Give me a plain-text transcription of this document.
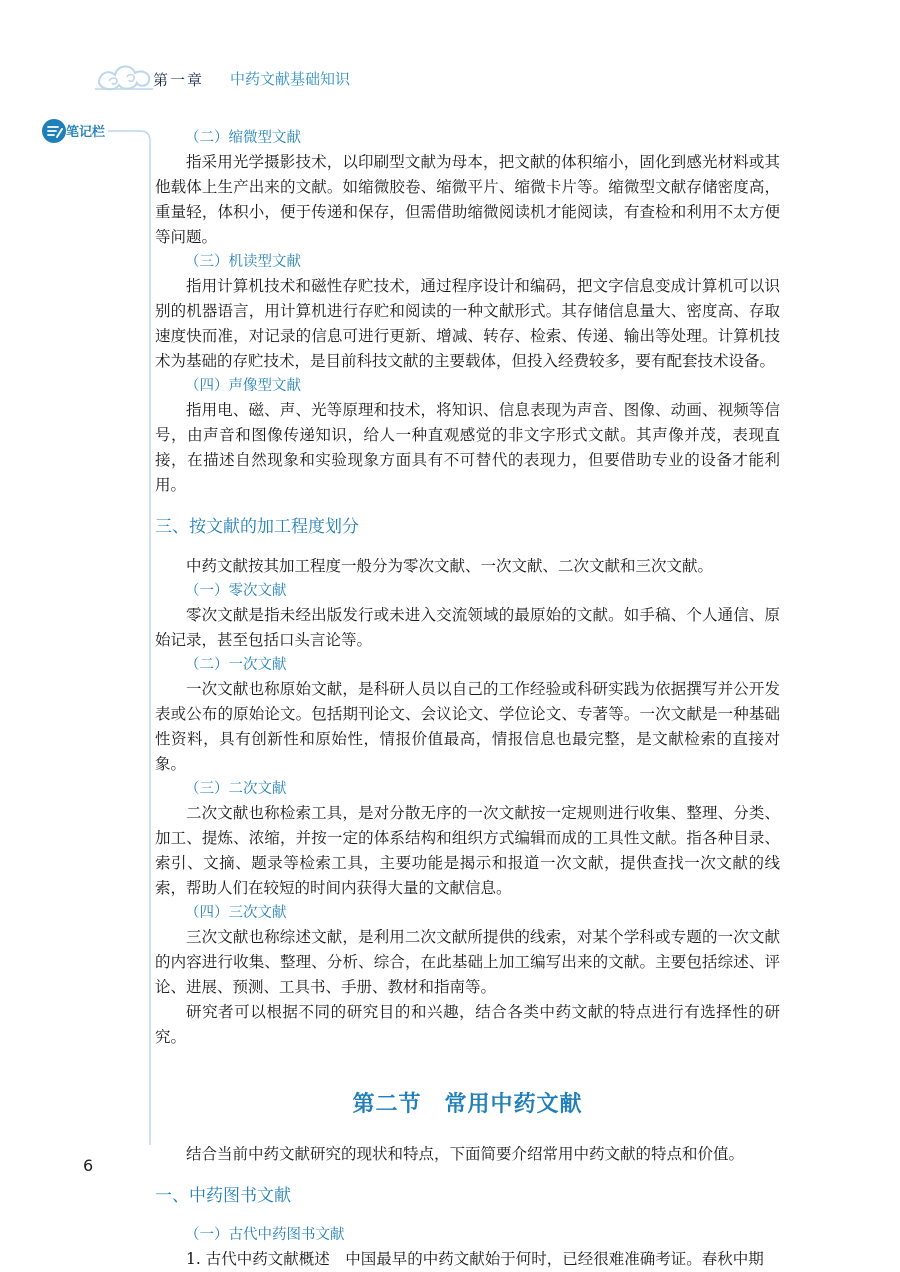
第一章 中药文献基础知识
笔记栏	（二）缩微型文献

指采用光学摄影技术，以印刷型文献为母本，把文献的体积缩小，固化到感光材料或其他载体上生产出来的文献。如缩微胶卷、缩微平片、缩微卡片等。缩微型文献存储密度高，重量轻，体积小，便于传递和保存，但需借助缩微阅读机才能阅读，有查检和利用不太方便等问题。

（三）机读型文献

指用计算机技术和磁性存贮技术，通过程序设计和编码，把文字信息变成计算机可以识别的机器语言，用计算机进行存贮和阅读的一种文献形式。其存储信息量大、密度高、存取速度快而准，对记录的信息可进行更新、增减、转存、检索、传递、输出等处理。计算机技术为基础的存贮技术，是目前科技文献的主要载体，但投入经费较多，要有配套技术设备。

（四）声像型文献

指用电、磁、声、光等原理和技术，将知识、信息表现为声音、图像、动画、视频等信号，由声音和图像传递知识，给人一种直观感觉的非文字形式文献。其声像并茂，表现直接，在描述自然现象和实验现象方面具有不可替代的表现力，但要借助专业的设备才能利用。

三、按文献的加工程度划分

中药文献按其加工程度一般分为零次文献、一次文献、二次文献和三次文献。

（一）零次文献

零次文献是指未经出版发行或未进入交流领域的最原始的文献。如手稿、个人通信、原始记录，甚至包括口头言论等。

（二）一次文献

一次文献也称原始文献，是科研人员以自己的工作经验或科研实践为依据撰写并公开发表或公布的原始论文。包括期刊论文、会议论文、学位论文、专著等。一次文献是一种基础性资料，具有创新性和原始性，情报价值最高，情报信息也最完整，是文献检索的直接对象。

（三）二次文献

二次文献也称检索工具，是对分散无序的一次文献按一定规则进行收集、整理、分类、加工、提炼、浓缩，并按一定的体系结构和组织方式编辑而成的工具性文献。指各种目录、索引、文摘、题录等检索工具，主要功能是揭示和报道一次文献，提供查找一次文献的线索，帮助人们在较短的时间内获得大量的文献信息。

（四）三次文献

三次文献也称综述文献，是利用二次文献所提供的线索，对某个学科或专题的一次文献的内容进行收集、整理、分析、综合，在此基础上加工编写出来的文献。主要包括综述、评论、进展、预测、工具书、手册、教材和指南等。

研究者可以根据不同的研究目的和兴趣，结合各类中药文献的特点进行有选择性的研究。

第二节　常用中药文献

结合当前中药文献研究的现状和特点，下面简要介绍常用中药文献的特点和价值。

一、中药图书文献
（一）古代中药图书文献

1. 古代中药文献概述　中国最早的中药文献始于何时，已经很难准确考证。春秋中期

6
